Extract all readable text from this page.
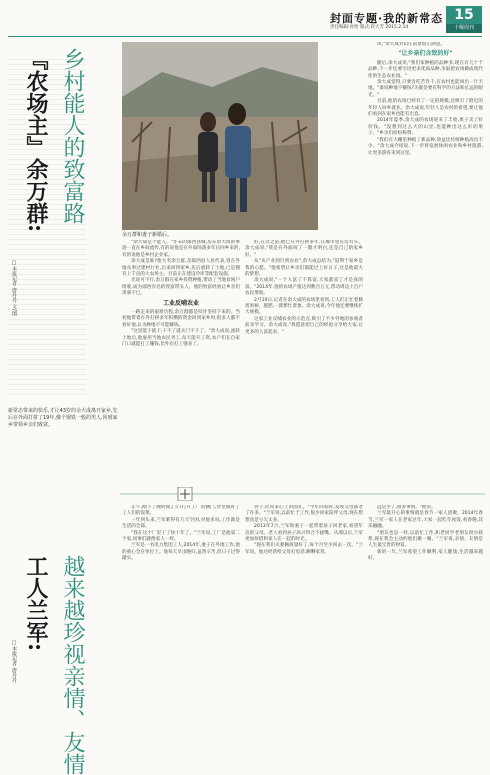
封面专题·我的新常态
责任编辑:孙怡 版式:段大芳 2015.2.14
15
十堰周刊
乡村能人的致富路
『农场主』余万群:
□本报记者 唐丹丹 文/图
余万群和妻子新婚后。

"余大成是个能人。"冬末的郧西县城,房东余大成的事迹一直在乡间流传,有的说他是在外面闯荡多年后回乡来的,有的说他是乡村企业家。

余大成是谁?他大名余万群,是郧西县人民代表,曾在外地从事过建材行业,后来回到家乡,先后流转了土地,已是拥有上千亩的大农场主。目前正在建设冷库等配套设施。

光说可不行,余万群在家乡投资种植,带动了当地贫困户增收,成为郧西有名的致富带头人。他的致富经验让乡亲们羡慕不已。

工业反哺农业

一路走来的艰难历程,余万群都是咬牙坚持下来的。当初他带着在外打拼多年积攒的资金回到家乡时,很多人都不看好他,认为种地不可能赚钱。

"这里能干就干,干不了就关门不干了。"余大成说,流转土地后,他雇用当地农民务工,每天能开工资,农户们在自家门口就能打工赚钱,比外出打工强多了。

好,在这之前,他已在外打拼多年,在城市里有房有车。余大成说,"我是在外面闯了一圈才明白,还是自己的家乡好。"

从"从产业到行到农业",余大成总结为,"返利于家乡是我的心愿。"他希望让乡亲们都能过上好日子,这是他最大的梦想。

余大成说,"一个人富了不算富,大家都富了才是真的富。"2014年,他的农场产值达到数百万元,带动周边上百户农民增收。

2月10日,记者在余大成的农场里看到,工人们正忙着修剪果树、施肥,一派繁忙景象。余大成说,今年他还要继续扩大规模。

这家工业反哺农业的示范点,吸引了不少外地的参观者前来学习。余大成说,"我愿意把自己的经验分享给大家,让更多的人富起来。"

风,"余大成对山庄前景很心满意。

"让乡亲们含致的好"

随后,余大成说,"我们家种植的品种多,现在有几十个品种,下一步还要引进更多优质品种,争取把农场做成现代化的生态农业园。"

余大成觉得,只要肯吃苦肯干,在农村也能闯出一片天地。"谁说种地不赚钱?关键是要有科学的方法和长远的眼光。"

目前,他的农场已经有了一定的规模,还吸引了附近的年轻人回乡就业。余大成说,年轻人是农村的希望,要让他们看到在家乡也能有出息。

2014年夏季,余大成的农场迎来了丰收,果子卖了好价钱。"没想到这么大的山里,也能种出这么好的果子。"乡亲们纷纷称赞。

"我们在大棚里种植了新品种,效益比传统种植高出不少。"余大成介绍说,下一步将发展休闲农业和乡村旅游,让更多游客来到这里。

新常态带来的快乐,才让43岁的余大成离开家乡,先后在外面打拼了19年,像个钢铁一般的男人,回到家乡带领乡亲们致富。
越来越珍视亲情、友情
工人兰军:
□本报记者 唐丹丹

正午,刚下了晚时间,门口打开工厂的侧门,食堂做好了工人们的饭菜。

一年到头来,兰军难得有几天空闲,对他来说,工作就是生活的全部。

"我在这个厂里干了快十年了。"兰军说,工厂是他第二个家,同事们就像家人一样。

兰军是一名电力集团工人,2014年,妻子在外地工作,他的重心全在单位上。他每天早出晚归,虽然辛苦,但日子过得踏实。

骨干,但常来心上的面孔。"今年回家时,发现父母都老了许多。"兰军说,以前忙于工作,很少回家陪伴父母,现在想想真是亏欠太多。

2013年7月,兰军和妻子一起带着孩子回老家,看望年迈的父母。老人看到孙子高兴得合不拢嘴。从那以后,兰军更加珍惜和家人在一起的时光。

"现在我们夫妻俩商量好了,每个月至少回去一次。"兰军说。他还经常给父母打电话,聊聊家常。

远是少了,很多事情。"他说。

兰军最开心的事情就是春节一家人团聚。2014年春节,兰军一家人在老家过年,大家一起吃年夜饭,看春晚,其乐融融。

"朋友也是一样,以前忙工作,和老同学老朋友很少联系,现在我会主动约他们聚一聚。"兰军说,亲情、友情是人生最宝贵的财富。

新的一年,兰军希望工作顺利,家人健康,生活越来越好。
